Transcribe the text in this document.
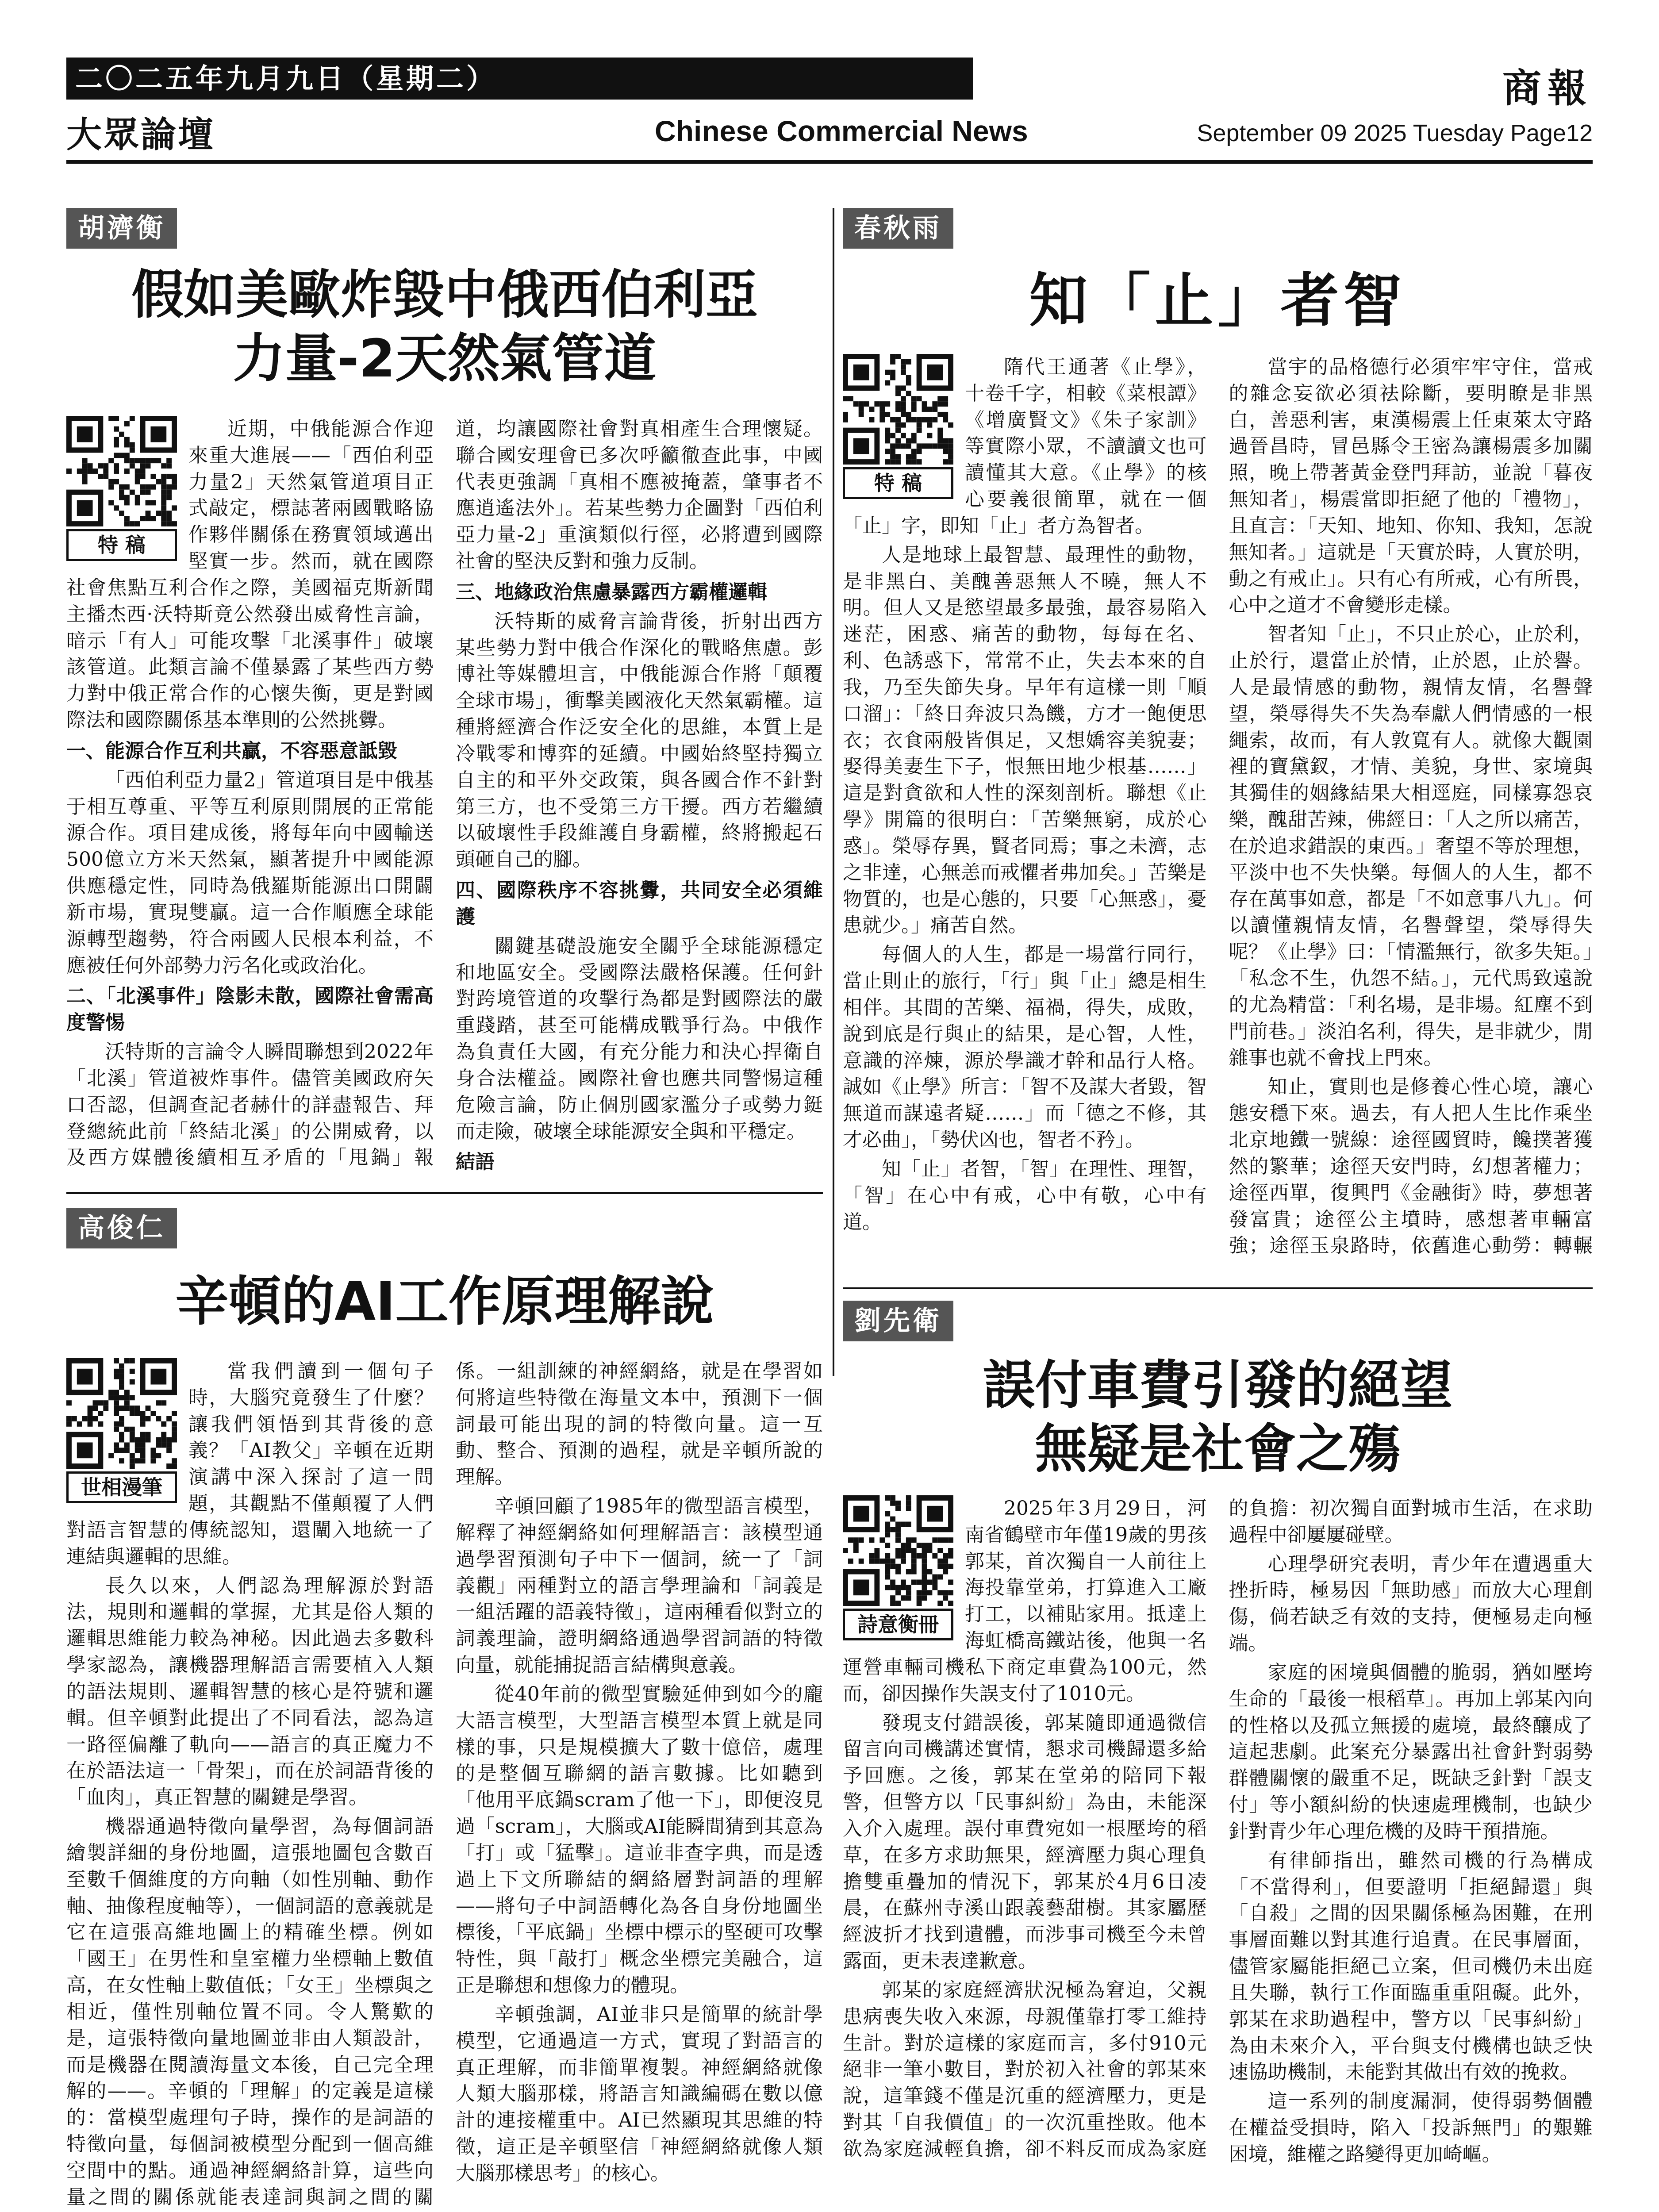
二〇二五年九月九日（星期二）	商報
大眾論壇	Chinese Commercial News	September 09 2025 Tuesday Page12
胡濟衡
假如美歐炸毀中俄西伯利亞
力量-2天然氣管道
特 稿

近期，中俄能源合作迎來重大進展——「西伯利亞力量2」天然氣管道項目正式敲定，標誌著兩國戰略協作夥伴關係在務實領域邁出堅實一步。然而，就在國際社會焦點互利合作之際，美國福克斯新聞主播杰西·沃特斯竟公然發出威脅性言論，暗示「有人」可能攻擊「北溪事件」破壞該管道。此類言論不僅暴露了某些西方勢力對中俄正常合作的心懷失衡，更是對國際法和國際關係基本準則的公然挑釁。

一、能源合作互利共贏，不容惡意詆毀

「西伯利亞力量2」管道項目是中俄基于相互尊重、平等互利原則開展的正常能源合作。項目建成後，將每年向中國輸送500億立方米天然氣，顯著提升中國能源供應穩定性，同時為俄羅斯能源出口開闢新市場，實現雙贏。這一合作順應全球能源轉型趨勢，符合兩國人民根本利益，不應被任何外部勢力污名化或政治化。

二、「北溪事件」陰影未散，國際社會需高度警惕

沃特斯的言論令人瞬間聯想到2022年「北溪」管道被炸事件。儘管美國政府矢口否認，但調查記者赫什的詳盡報告、拜登總統此前「終結北溪」的公開威脅，以及西方媒體後續相互矛盾的「甩鍋」報道，均讓國際社會對真相產生合理懷疑。聯合國安理會已多次呼籲徹查此事，中國代表更強調「真相不應被掩蓋，肇事者不應逍遙法外」。若某些勢力企圖對「西伯利亞力量-2」重演類似行徑，必將遭到國際社會的堅決反對和強力反制。

三、地緣政治焦慮暴露西方霸權邏輯

沃特斯的威脅言論背後，折射出西方某些勢力對中俄合作深化的戰略焦慮。彭博社等媒體坦言，中俄能源合作將「顛覆全球市場」，衝擊美國液化天然氣霸權。這種將經濟合作泛安全化的思維，本質上是冷戰零和博弈的延續。中國始終堅持獨立自主的和平外交政策，與各國合作不針對第三方，也不受第三方干擾。西方若繼續以破壞性手段維護自身霸權，終將搬起石頭砸自己的腳。

四、國際秩序不容挑釁，共同安全必須維護

關鍵基礎設施安全關乎全球能源穩定和地區安全。受國際法嚴格保護。任何針對跨境管道的攻擊行為都是對國際法的嚴重踐踏，甚至可能構成戰爭行為。中俄作為負責任大國，有充分能力和決心捍衛自身合法權益。國際社會也應共同警惕這種危險言論，防止個別國家濫分子或勢力鋌而走險，破壞全球能源安全與和平穩定。

結語

春秋雨
知「止」者智
特 稿

隋代王通著《止學》，十卷千字，相較《菜根譚》《增廣賢文》《朱子家訓》等實際小眾，不讀讀文也可讀懂其大意。《止學》的核心要義很簡單，就在一個「止」字，即知「止」者方為智者。

人是地球上最智慧、最理性的動物，是非黑白、美醜善惡無人不曉，無人不明。但人又是慾望最多最強，最容易陷入迷茫，困惑、痛苦的動物，每每在名、利、色誘惑下，常常不止，失去本來的自我，乃至失節失身。早年有這樣一則「順口溜」：「終日奔波只為饑，方才一飽便思衣；衣食兩般皆俱足，又想嬌容美貌妻；娶得美妻生下子，恨無田地少根基……」這是對貪欲和人性的深刻剖析。聯想《止學》開篇的很明白：「苦樂無窮，成於心惑」。榮辱存異，賢者同焉；事之未濟，志之非達，心無恙而戒懼者弗加矣。」苦樂是物質的，也是心態的，只要「心無惑」，憂患就少。」痛苦自然。

每個人的人生，都是一場當行同行，當止則止的旅行，「行」與「止」總是相生相伴。其間的苦樂、福禍，得失，成敗，說到底是行與止的結果，是心智，人性，意識的淬煉，源於學識才幹和品行人格。誠如《止學》所言：「智不及謀大者毀，智無道而謀遠者疑……」而「德之不修，其才必曲」，「勢伏凶也，智者不矜」。

知「止」者智，「智」在理性、理智，「智」在心中有戒，心中有敬，心中有道。

當宇的品格德行必須牢牢守住，當戒的雜念妄欲必須祛除斷，要明瞭是非黑白，善惡利害，東漢楊震上任東萊太守路過晉昌時，冒邑縣令王密為讓楊震多加關照，晚上帶著黃金登門拜訪，並說「暮夜無知者」，楊震當即拒絕了他的「禮物」，且直言：「天知、地知、你知、我知，怎說無知者。」這就是「天實於時，人實於明，動之有戒止」。只有心有所戒，心有所畏，心中之道才不會變形走樣。

智者知「止」，不只止於心，止於利，止於行，還當止於情，止於恩，止於譽。人是最情感的動物，親情友情，名譽聲望，榮辱得失不失為奉獻人們情感的一根繩索，故而，有人敦寬有人。就像大觀園裡的寶黛釵，才情、美貌，身世、家境與其獨佳的姻緣結果大相逕庭，同樣寡怨哀樂，醜甜苦辣，佛經日：「人之所以痛苦，在於追求錯誤的東西。」奢望不等於理想，平淡中也不失快樂。每個人的人生，都不存在萬事如意，都是「不如意事八九」。何以讀懂親情友情，名譽聲望，榮辱得失呢？《止學》曰：「情濫無行，欲多失矩。」「私念不生，仇怨不結。」，元代馬致遠說的尤為精當：「利名場，是非場。紅塵不到門前巷。」淡泊名利，得失，是非就少，閒雜事也就不會找上門來。

知止，實則也是修養心性心境，讓心態安穩下來。過去，有人把人生比作乘坐北京地鐵一號線：途徑國貿時，饞撲著獲然的繁華；途徑天安門時，幻想著權力；途徑西單，復興門《金融街》時，夢想著發富貴；途徑公主墳時，感想著車輛富強；途徑玉泉路時，依舊進心動勞：轉輾

高俊仁
辛頓的AI工作原理解說
世相漫筆

當我們讀到一個句子時，大腦究竟發生了什麼？讓我們領悟到其背後的意義？「AI教父」辛頓在近期演講中深入探討了這一問題，其觀點不僅顛覆了人們對語言智慧的傳統認知，還闡入地統一了連結與邏輯的思維。

長久以來，人們認為理解源於對語法，規則和邏輯的掌握，尤其是俗人類的邏輯思維能力較為神秘。因此過去多數科學家認為，讓機器理解語言需要植入人類的語法規則、邏輯智慧的核心是符號和邏輯。但辛頓對此提出了不同看法，認為這一路徑偏離了軌向——語言的真正魔力不在於語法這一「骨架」，而在於詞語背後的「血肉」，真正智慧的關鍵是學習。

機器通過特徵向量學習，為每個詞語繪製詳細的身份地圖，這張地圖包含數百至數千個維度的方向軸（如性別軸、動作軸、抽像程度軸等），一個詞語的意義就是它在這張高維地圖上的精確坐標。例如「國王」在男性和皇室權力坐標軸上數值高，在女性軸上數值低；「女王」坐標與之相近，僅性別軸位置不同。令人驚歎的是，這張特徵向量地圖並非由人類設計，而是機器在閱讀海量文本後，自己完全理解的——。辛頓的「理解」的定義是這樣的：當模型處理句子時，操作的是詞語的特徵向量，每個詞被模型分配到一個高維空間中的點。通過神經網絡計算，這些向量之間的關係就能表達詞與詞之間的關係。一組訓練的神經網絡，就是在學習如何將這些特徵在海量文本中，預測下一個詞最可能出現的詞的特徵向量。這一互動、整合、預測的過程，就是辛頓所說的理解。

辛頓回顧了1985年的微型語言模型，解釋了神經網絡如何理解語言：該模型通過學習預測句子中下一個詞，統一了「詞義觀」兩種對立的語言學理論和「詞義是一組活躍的語義特徵」，這兩種看似對立的詞義理論，證明網絡通過學習詞語的特徵向量，就能捕捉語言結構與意義。

從40年前的微型實驗延伸到如今的龐大語言模型，大型語言模型本質上就是同樣的事，只是規模擴大了數十億倍，處理的是整個互聯網的語言數據。比如聽到「他用平底鍋scram了他一下」，即便沒見過「scram」，大腦或AI能瞬間猜到其意為「打」或「猛擊」。這並非查字典，而是透過上下文所聯結的網絡層對詞語的理解——將句子中詞語轉化為各自身份地圖坐標後，「平底鍋」坐標中標示的堅硬可攻擊特性，與「敲打」概念坐標完美融合，這正是聯想和想像力的體現。

辛頓強調，AI並非只是簡單的統計學模型，它通過這一方式，實現了對語言的真正理解，而非簡單複製。神經網絡就像人類大腦那樣，將語言知識編碼在數以億計的連接權重中。AI已然顯現其思維的特徵，這正是辛頓堅信「神經網絡就像人類大腦那樣思考」的核心。

劉先衛
誤付車費引發的絕望
無疑是社會之殤
詩意衡冊

2025年3月29日，河南省鶴壁市年僅19歲的男孩郭某，首次獨自一人前往上海投靠堂弟，打算進入工廠打工，以補貼家用。抵達上海虹橋高鐵站後，他與一名運營車輛司機私下商定車費為100元，然而，卻因操作失誤支付了1010元。

發現支付錯誤後，郭某隨即通過微信留言向司機講述實情，懇求司機歸還多給予回應。之後，郭某在堂弟的陪同下報警，但警方以「民事糾紛」為由，未能深入介入處理。誤付車費宛如一根壓垮的稻草，在多方求助無果，經濟壓力與心理負擔雙重疊加的情況下，郭某於4月6日凌晨，在蘇州寺溪山跟義藝甜樹。其家屬歷經波折才找到遺體，而涉事司機至今未曾露面，更未表達歉意。

郭某的家庭經濟狀況極為窘迫，父親患病喪失收入來源，母親僅靠打零工維持生計。對於這樣的家庭而言，多付910元絕非一筆小數目，對於初入社會的郭某來說，這筆錢不僅是沉重的經濟壓力，更是對其「自我價值」的一次沉重挫敗。他本欲為家庭減輕負擔，卻不料反而成為家庭的負擔：初次獨自面對城市生活，在求助過程中卻屢屢碰壁。

心理學研究表明，青少年在遭遇重大挫折時，極易因「無助感」而放大心理創傷，倘若缺乏有效的支持，便極易走向極端。

家庭的困境與個體的脆弱，猶如壓垮生命的「最後一根稻草」。再加上郭某內向的性格以及孤立無援的處境，最終釀成了這起悲劇。此案充分暴露出社會針對弱勢群體關懷的嚴重不足，既缺乏針對「誤支付」等小額糾紛的快速處理機制，也缺少針對青少年心理危機的及時干預措施。

有律師指出，雖然司機的行為構成「不當得利」，但要證明「拒絕歸還」與「自殺」之間的因果關係極為困難，在刑事層面難以對其進行追責。在民事層面，儘管家屬能拒絕己立案，但司機仍未出庭且失聯，執行工作面臨重重阻礙。此外，郭某在求助過程中，警方以「民事糾紛」為由未來介入，平台與支付機構也缺乏快速協助機制，未能對其做出有效的挽救。

這一系列的制度漏洞，使得弱勢個體在權益受損時，陷入「投訴無門」的艱難困境，維權之路變得更加崎嶇。
